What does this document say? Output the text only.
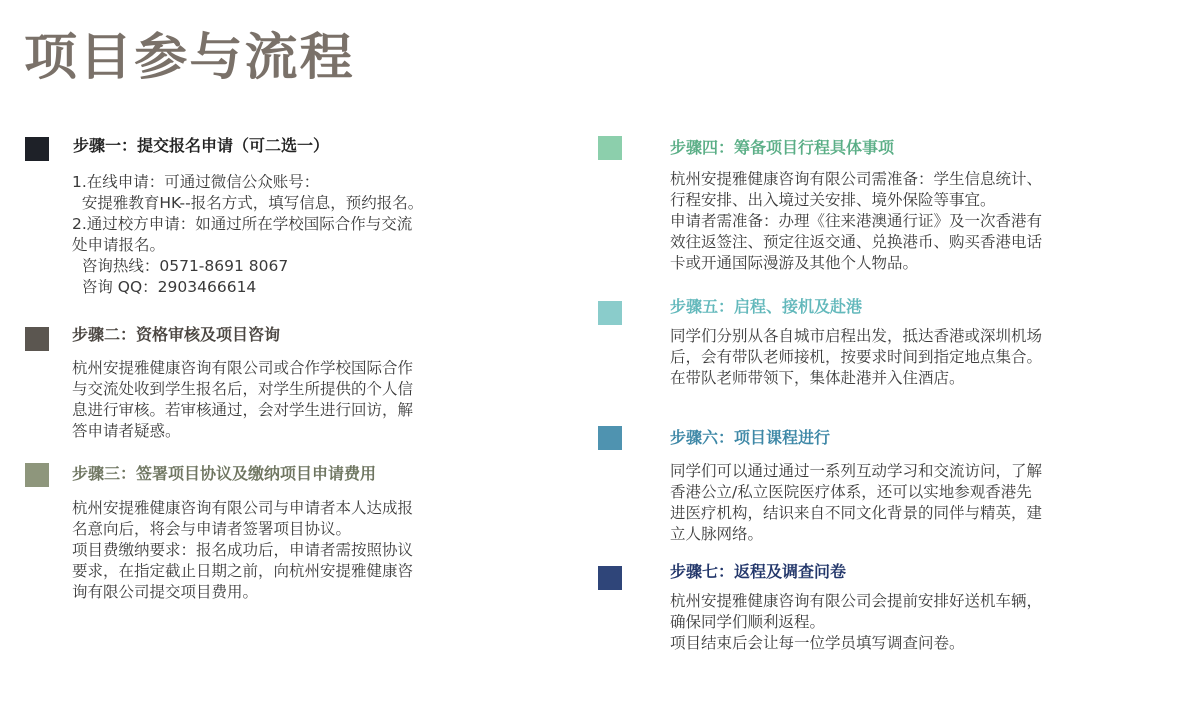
项目参与流程
步骤一：提交报名申请（可二选一）
1.在线申请：可通过微信公众账号：
安提雅教育HK--报名方式，填写信息，预约报名。
2.通过校方申请：如通过所在学校国际合作与交流
处申请报名。
咨询热线：0571-8691 8067
咨询 QQ：2903466614
步骤二：资格审核及项目咨询
杭州安提雅健康咨询有限公司或合作学校国际合作
与交流处收到学生报名后，对学生所提供的个人信
息进行审核。若审核通过，会对学生进行回访，解
答申请者疑惑。
步骤三：签署项目协议及缴纳项目申请费用
杭州安提雅健康咨询有限公司与申请者本人达成报
名意向后，将会与申请者签署项目协议。
项目费缴纳要求：报名成功后，申请者需按照协议
要求，在指定截止日期之前，向杭州安提雅健康咨
询有限公司提交项目费用。
步骤四：筹备项目行程具体事项
杭州安提雅健康咨询有限公司需准备：学生信息统计、
行程安排、出入境过关安排、境外保险等事宜。
申请者需准备：办理《往来港澳通行证》及一次香港有
效往返签注、预定往返交通、兑换港币、购买香港电话
卡或开通国际漫游及其他个人物品。
步骤五：启程、接机及赴港
同学们分别从各自城市启程出发，抵达香港或深圳机场
后，会有带队老师接机，按要求时间到指定地点集合。
在带队老师带领下，集体赴港并入住酒店。
步骤六：项目课程进行
同学们可以通过通过一系列互动学习和交流访问，了解
香港公立/私立医院医疗体系，还可以实地参观香港先
进医疗机构，结识来自不同文化背景的同伴与精英，建
立人脉网络。
步骤七：返程及调查问卷
杭州安提雅健康咨询有限公司会提前安排好送机车辆，
确保同学们顺利返程。
项目结束后会让每一位学员填写调查问卷。
